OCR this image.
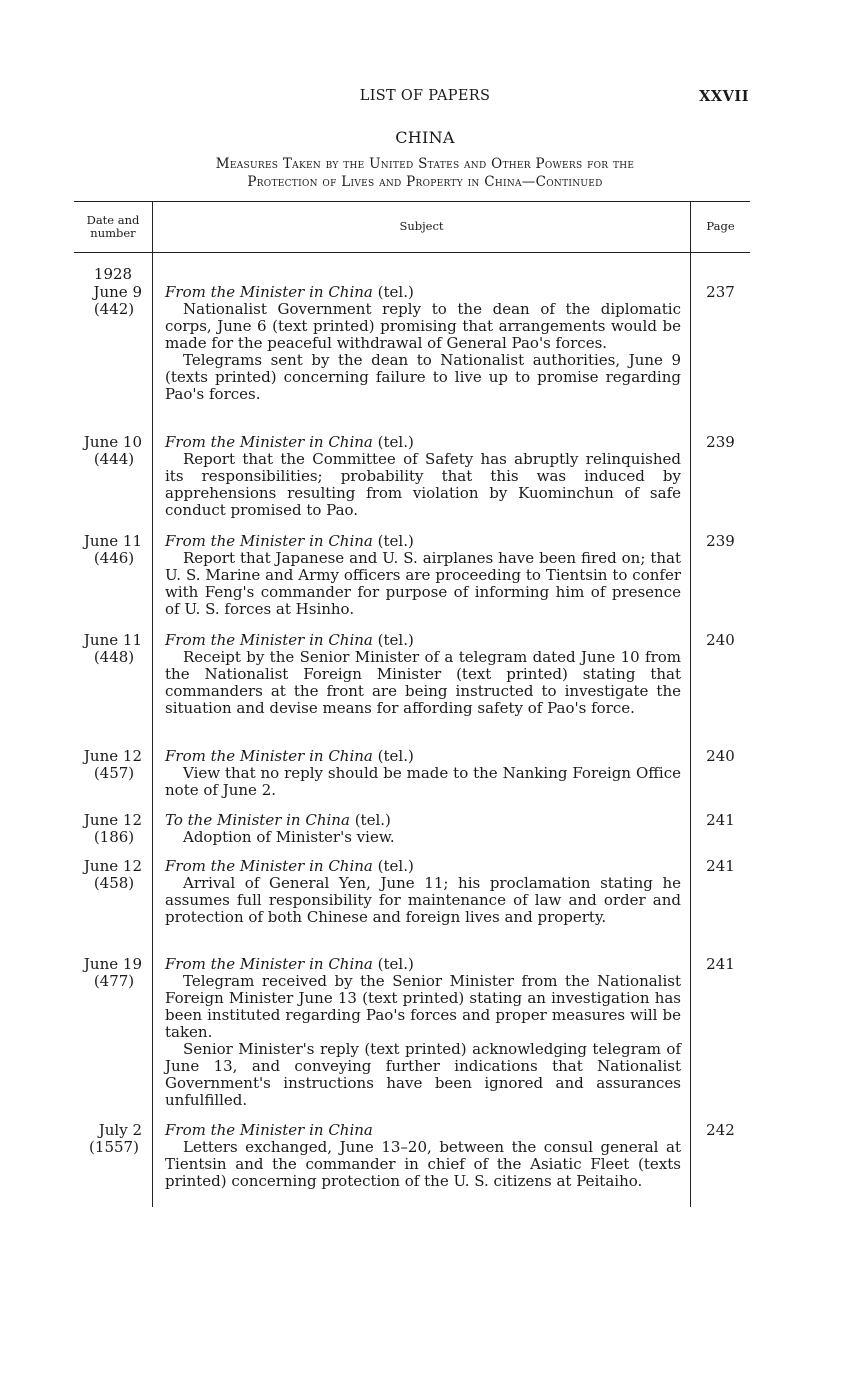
LIST OF PAPERS	XXVII
CHINA
Measures Taken by the United States and Other Powers for the
Protection of Lives and Property in China—Continued
Date and
number	Subject	Page
1928
June 9
(442)
From the Minister in China (tel.)
Nationalist Government reply to the dean of the diplomatic corps, June 6 (text printed) promising that arrangements would be made for the peaceful withdrawal of General Pao's forces.
Telegrams sent by the dean to Nationalist authorities, June 9 (texts printed) concerning failure to live up to promise regarding Pao's forces.
237
June 10
(444)
From the Minister in China (tel.)
Report that the Committee of Safety has abruptly relinquished its responsibilities; probability that this was induced by apprehensions resulting from violation by Kuominchun of safe conduct promised to Pao.
239
June 11
(446)
From the Minister in China (tel.)
Report that Japanese and U. S. airplanes have been fired on; that U. S. Marine and Army officers are proceeding to Tientsin to confer with Feng's commander for purpose of informing him of presence of U. S. forces at Hsinho.
239
June 11
(448)
From the Minister in China (tel.)
Receipt by the Senior Minister of a telegram dated June 10 from the Nationalist Foreign Minister (text printed) stating that commanders at the front are being instructed to investigate the situation and devise means for affording safety of Pao's force.
240
June 12
(457)
From the Minister in China (tel.)
View that no reply should be made to the Nanking Foreign Office note of June 2.
240
June 12
(186)
To the Minister in China (tel.)
Adoption of Minister's view.
241
June 12
(458)
From the Minister in China (tel.)
Arrival of General Yen, June 11; his proclamation stating he assumes full responsibility for maintenance of law and order and protection of both Chinese and foreign lives and property.
241
June 19
(477)
From the Minister in China (tel.)
Telegram received by the Senior Minister from the Nationalist Foreign Minister June 13 (text printed) stating an investigation has been instituted regarding Pao's forces and proper measures will be taken.
Senior Minister's reply (text printed) acknowledging telegram of June 13, and conveying further indications that Nationalist Government's instructions have been ignored and assurances unfulfilled.
241
July 2
(1557)
From the Minister in China
Letters exchanged, June 13–20, between the consul general at Tientsin and the commander in chief of the Asiatic Fleet (texts printed) concerning protection of the U. S. citizens at Peitaiho.
242
